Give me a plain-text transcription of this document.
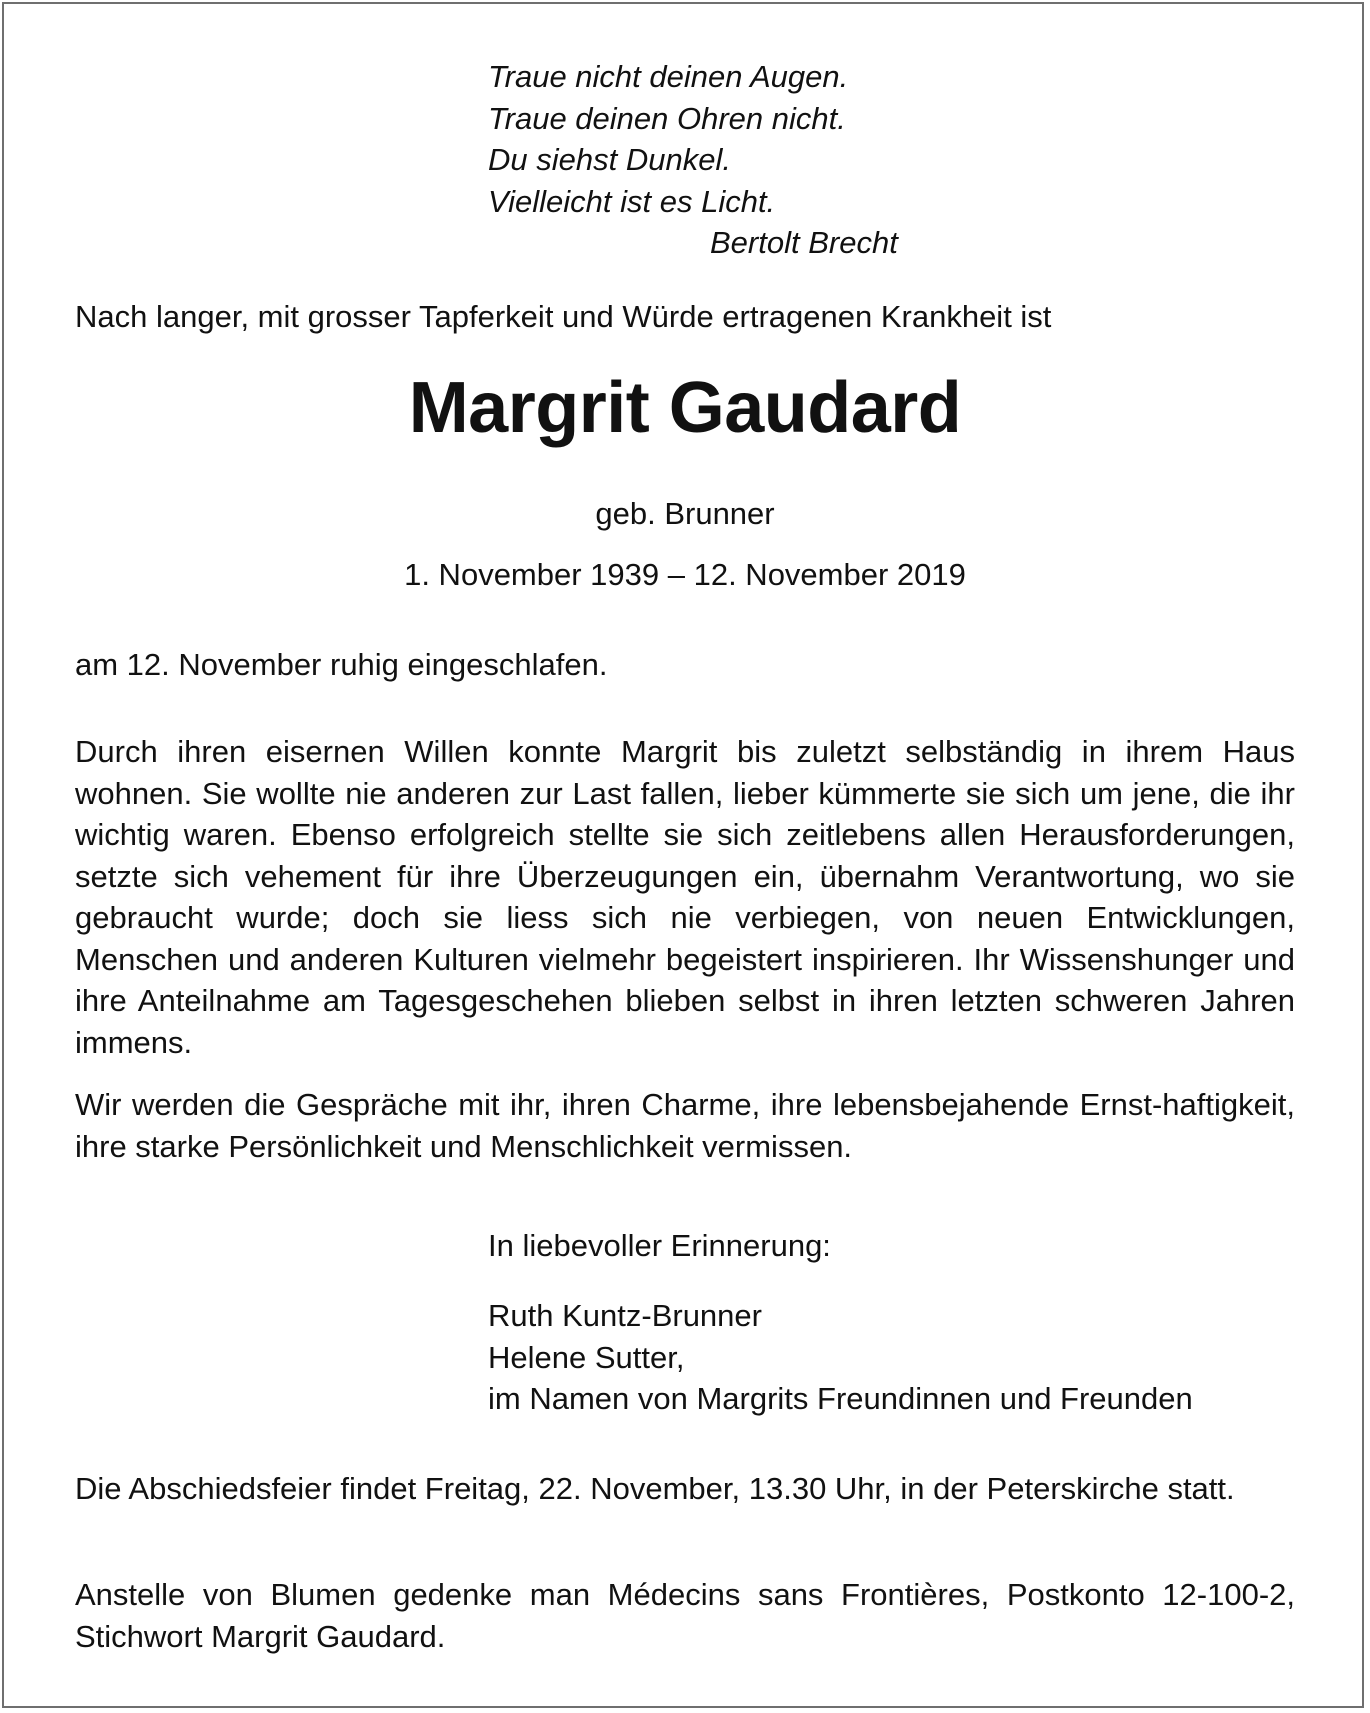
Traue nicht deinen Augen.
Traue deinen Ohren nicht.
Du siehst Dunkel.
Vielleicht ist es Licht.
Bertolt Brecht

Nach langer, mit grosser Tapferkeit und Würde ertragenen Krankheit ist

Margrit Gaudard
geb. Brunner
1. November 1939 – 12. November 2019

am 12. November ruhig eingeschlafen.

Durch ihren eisernen Willen konnte Margrit bis zuletzt selbständig in ihrem Haus wohnen. Sie wollte nie anderen zur Last fallen, lieber kümmerte sie sich um jene, die ihr wichtig waren. Ebenso erfolgreich stellte sie sich zeitlebens allen Herausforderungen, setzte sich vehement für ihre Überzeugungen ein, übernahm Verantwortung, wo sie gebraucht wurde; doch sie liess sich nie verbiegen, von neuen Entwicklungen, Menschen und anderen Kulturen vielmehr begeistert inspirieren. Ihr Wissenshunger und ihre Anteilnahme am Tagesgeschehen blieben selbst in ihren letzten schweren Jahren immens.

Wir werden die Gespräche mit ihr, ihren Charme, ihre lebensbejahende Ernst-haftigkeit, ihre starke Persönlichkeit und Menschlichkeit vermissen.

In liebevoller Erinnerung:
Ruth Kuntz-Brunner
Helene Sutter,
im Namen von Margrits Freundinnen und Freunden

Die Abschiedsfeier findet Freitag, 22. November, 13.30 Uhr, in der Peterskirche statt.

Anstelle von Blumen gedenke man Médecins sans Frontières, Postkonto 12-100-2, Stichwort Margrit Gaudard.
